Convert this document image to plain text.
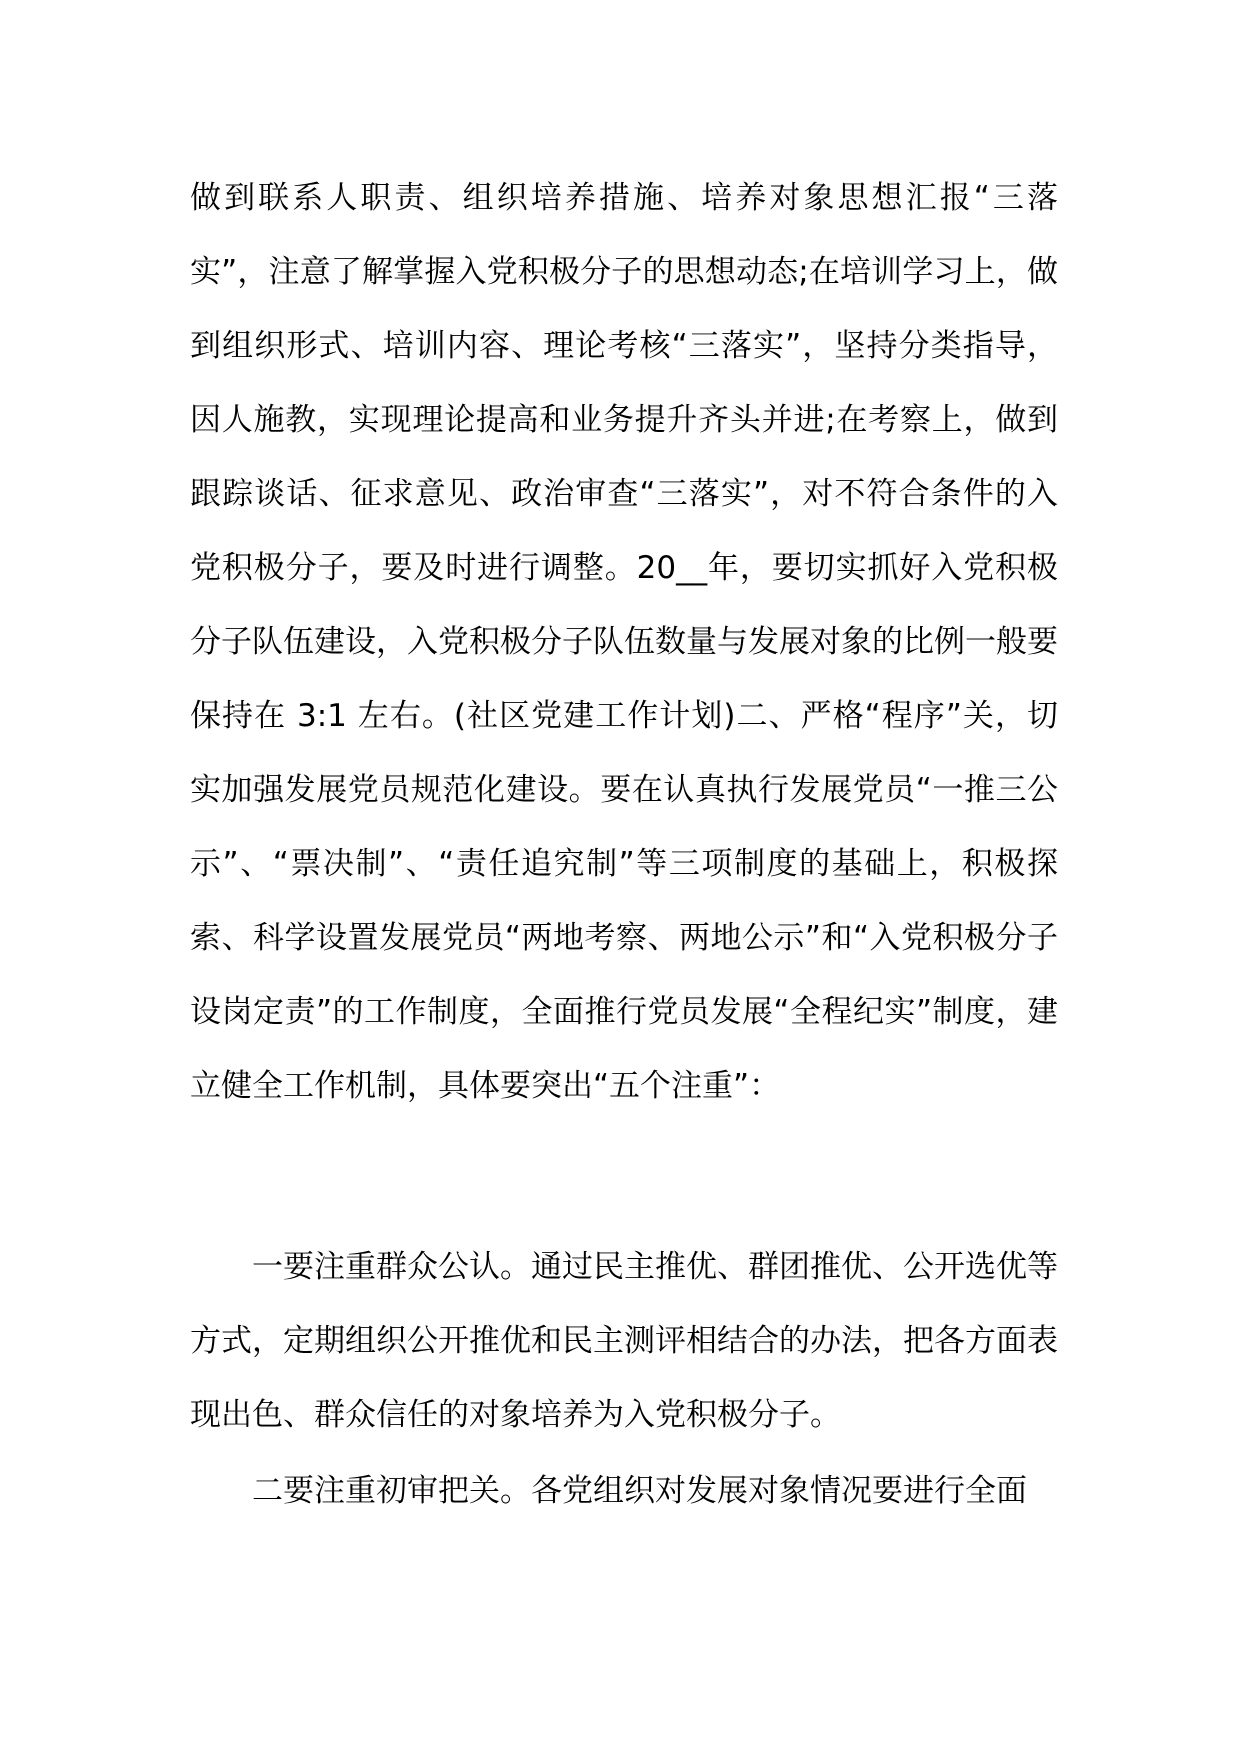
做到联系人职责、组织培养措施、培养对象思想汇报“三落实”，注意了解掌握入党积极分子的思想动态;在培训学习上，做到组织形式、培训内容、理论考核“三落实”，坚持分类指导，因人施教，实现理论提高和业务提升齐头并进;在考察上，做到跟踪谈话、征求意见、政治审查“三落实”，对不符合条件的入党积极分子，要及时进行调整。20__年，要切实抓好入党积极分子队伍建设，入党积极分子队伍数量与发展对象的比例一般要保持在 3:1 左右。(社区党建工作计划)二、严格“程序”关，切实加强发展党员规范化建设。要在认真执行发展党员“一推三公示”、“票决制”、“责任追究制”等三项制度的基础上，积极探索、科学设置发展党员“两地考察、两地公示”和“入党积极分子设岗定责”的工作制度，全面推行党员发展“全程纪实”制度，建立健全工作机制，具体要突出“五个注重”：

一要注重群众公认。通过民主推优、群团推优、公开选优等方式，定期组织公开推优和民主测评相结合的办法，把各方面表现出色、群众信任的对象培养为入党积极分子。

二要注重初审把关。各党组织对发展对象情况要进行全面
